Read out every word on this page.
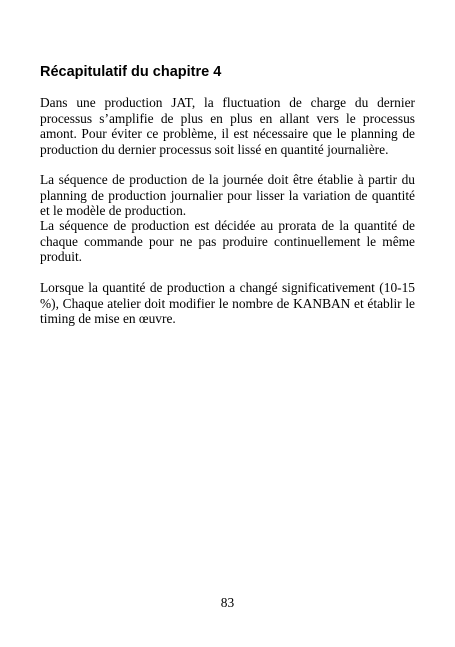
Récapitulatif du chapitre 4

Dans une production JAT, la fluctuation de charge du dernier processus s’amplifie de plus en plus en allant vers le processus amont. Pour éviter ce problème, il est nécessaire que le planning de production du dernier processus soit lissé en quantité journalière.

La séquence de production de la journée doit être établie à partir du planning de production journalier pour lisser la variation de quantité et le modèle de production.

La séquence de production est décidée au prorata de la quantité de chaque commande pour ne pas produire continuellement le même produit.

Lorsque la quantité de production a changé significativement (10-15 %), Chaque atelier doit modifier le nombre de KANBAN et établir le timing de mise en œuvre.

83
